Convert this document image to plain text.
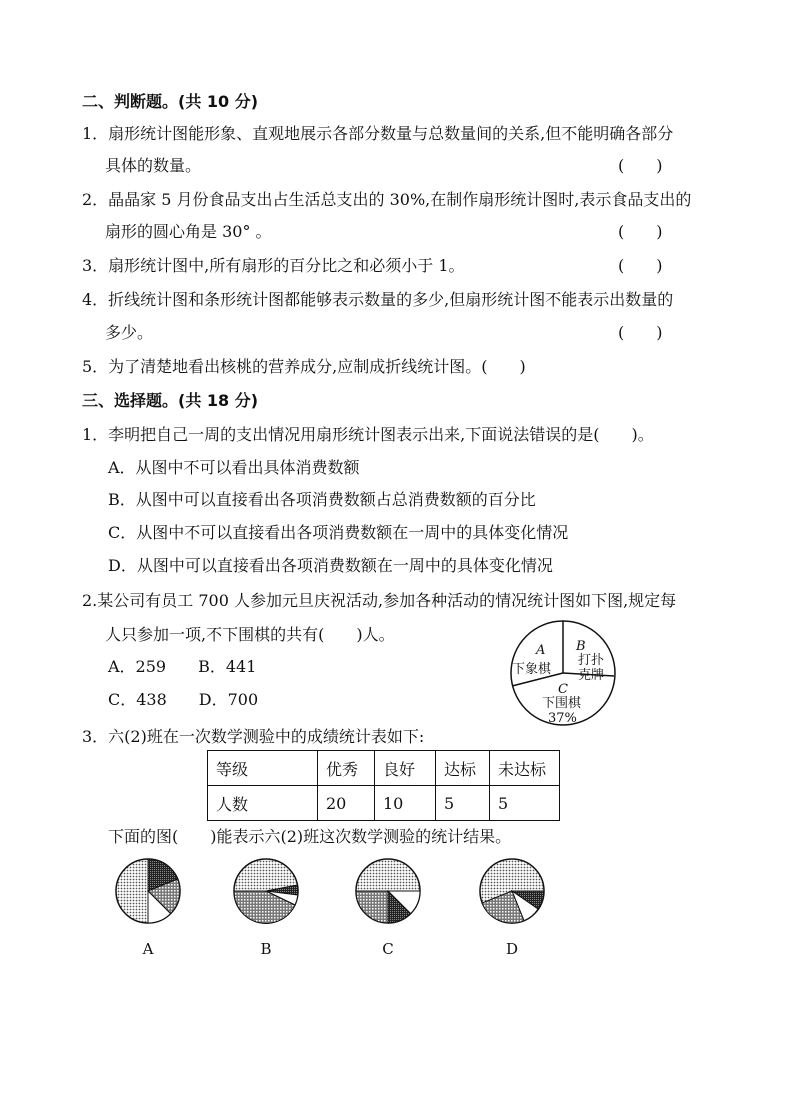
二、判断题。(共 10 分)
1．扇形统计图能形象、直观地展示各部分数量与总数量间的关系,但不能明确各部分
具体的数量。	(　　)
2．晶晶家 5 月份食品支出占生活总支出的 30%,在制作扇形统计图时,表示食品支出的
扇形的圆心角是 30° 。	(　　)
3．扇形统计图中,所有扇形的百分比之和必须小于 1。	(　　)
4．折线统计图和条形统计图都能够表示数量的多少,但扇形统计图不能表示出数量的
多少。	(　　)
5．为了清楚地看出核桃的营养成分,应制成折线统计图。(　　)
三、选择题。(共 18 分)
1．李明把自己一周的支出情况用扇形统计图表示出来,下面说法错误的是(　　)。
A．从图中不可以看出具体消费数额
B．从图中可以直接看出各项消费数额占总消费数额的百分比
C．从图中不可以直接看出各项消费数额在一周中的具体变化情况
D．从图中可以直接看出各项消费数额在一周中的具体变化情况
2.某公司有员工 700 人参加元旦庆祝活动,参加各种活动的情况统计图如下图,规定每
人只参加一项,不下围棋的共有(　　)人。
A．259　　B．441
C．438　　D．700
A
下象棋
B
打扑
克牌
C
下围棋
37%
3．六(2)班在一次数学测验中的成绩统计表如下:
等级	优秀	良好	达标	未达标
人数	20	10	5	5
下面的图(　　)能表示六(2)班这次数学测验的统计结果。
A	B	C	D
